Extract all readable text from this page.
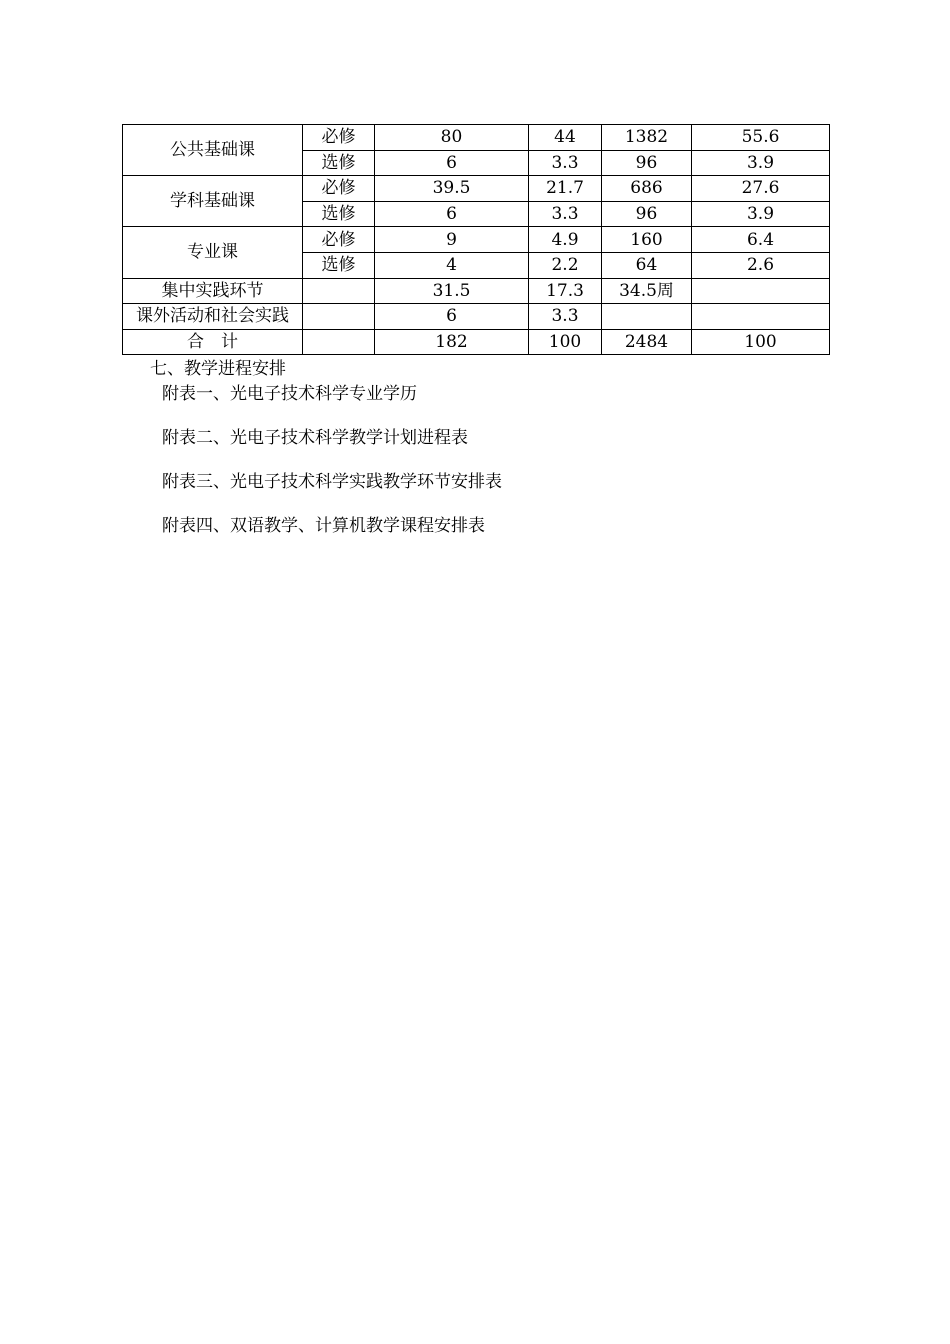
公共基础课	必修	80	44	1382	55.6
	选修	6	3.3	96	3.9
学科基础课	必修	39.5	21.7	686	27.6
	选修	6	3.3	96	3.9
专业课	必修	9	4.9	160	6.4
	选修	4	2.2	64	2.6
集中实践环节		31.5	17.3	34.5周	
课外活动和社会实践		6	3.3		
合　计		182	100	2484	100
七、教学进程安排
附表一、光电子技术科学专业学历
附表二、光电子技术科学教学计划进程表
附表三、光电子技术科学实践教学环节安排表
附表四、双语教学、计算机教学课程安排表
